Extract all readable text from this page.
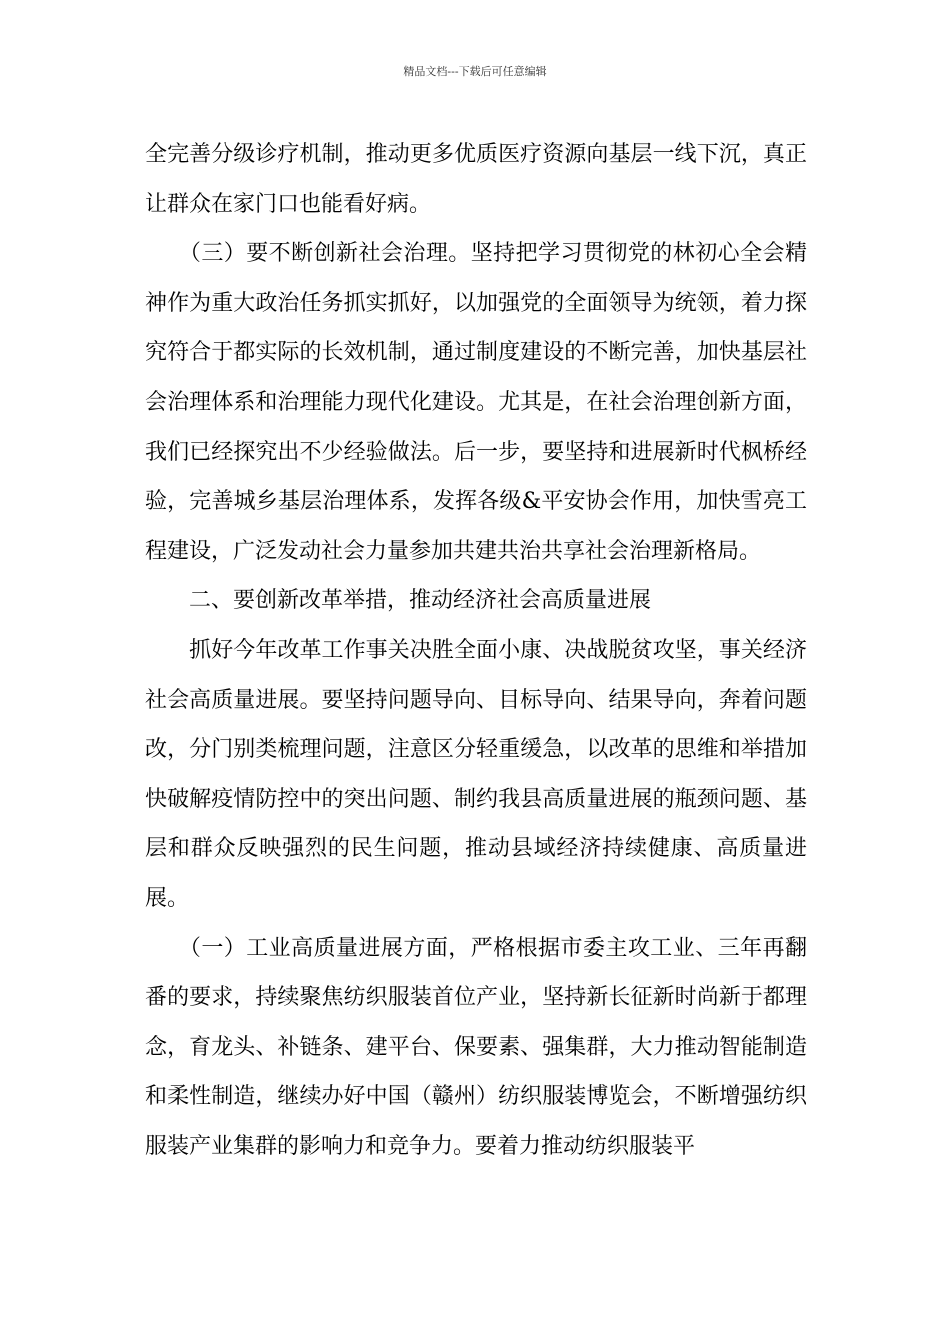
精品文档---下载后可任意编辑

全完善分级诊疗机制，推动更多优质医疗资源向基层一线下沉，真正让群众在家门口也能看好病。

　　（三）要不断创新社会治理。坚持把学习贯彻党的林初心全会精神作为重大政治任务抓实抓好，以加强党的全面领导为统领，着力探究符合于都实际的长效机制，通过制度建设的不断完善，加快基层社会治理体系和治理能力现代化建设。尤其是，在社会治理创新方面，我们已经探究出不少经验做法。后一步，要坚持和进展新时代枫桥经验，完善城乡基层治理体系，发挥各级&平安协会作用，加快雪亮工程建设，广泛发动社会力量参加共建共治共享社会治理新格局。

　　二、要创新改革举措，推动经济社会高质量进展

　　抓好今年改革工作事关决胜全面小康、决战脱贫攻坚，事关经济社会高质量进展。要坚持问题导向、目标导向、结果导向，奔着问题改，分门别类梳理问题，注意区分轻重缓急，以改革的思维和举措加快破解疫情防控中的突出问题、制约我县高质量进展的瓶颈问题、基层和群众反映强烈的民生问题，推动县域经济持续健康、高质量进展。

　　（一）工业高质量进展方面，严格根据市委主攻工业、三年再翻番的要求，持续聚焦纺织服装首位产业，坚持新长征新时尚新于都理念，育龙头、补链条、建平台、保要素、强集群，大力推动智能制造和柔性制造，继续办好中国（赣州）纺织服装博览会，不断增强纺织服装产业集群的影响力和竞争力。要着力推动纺织服装平
